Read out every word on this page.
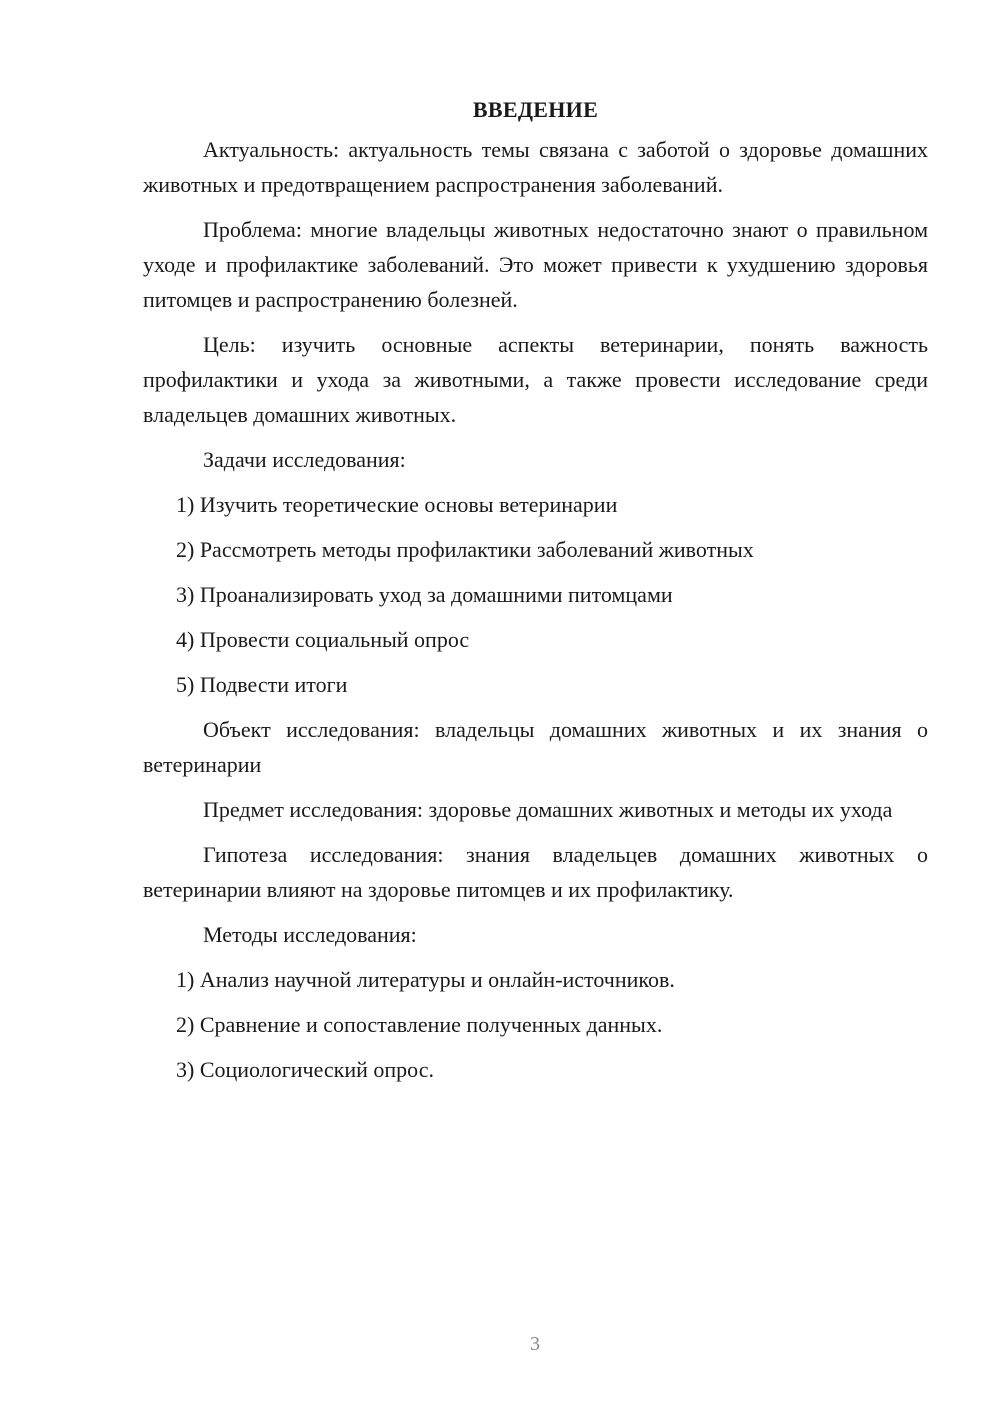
ВВЕДЕНИЕ

Актуальность: актуальность темы связана с заботой о здоровье домашних животных и предотвращением распространения заболеваний.

Проблема: многие владельцы животных недостаточно знают о правильном уходе и профилактике заболеваний. Это может привести к ухудшению здоровья питомцев и распространению болезней.

Цель: изучить основные аспекты ветеринарии, понять важность профилактики и ухода за животными, а также провести исследование среди владельцев домашних животных.

Задачи исследования:

1) Изучить теоретические основы ветеринарии
2) Рассмотреть методы профилактики заболеваний животных
3) Проанализировать уход за домашними питомцами
4) Провести социальный опрос
5) Подвести итоги

Объект исследования: владельцы домашних животных и их знания о ветеринарии

Предмет исследования: здоровье домашних животных и методы их ухода

Гипотеза исследования: знания владельцев домашних животных о ветеринарии влияют на здоровье питомцев и их профилактику.

Методы исследования:

1) Анализ научной литературы и онлайн-источников.
2) Сравнение и сопоставление полученных данных.
3) Социологический опрос.
3
